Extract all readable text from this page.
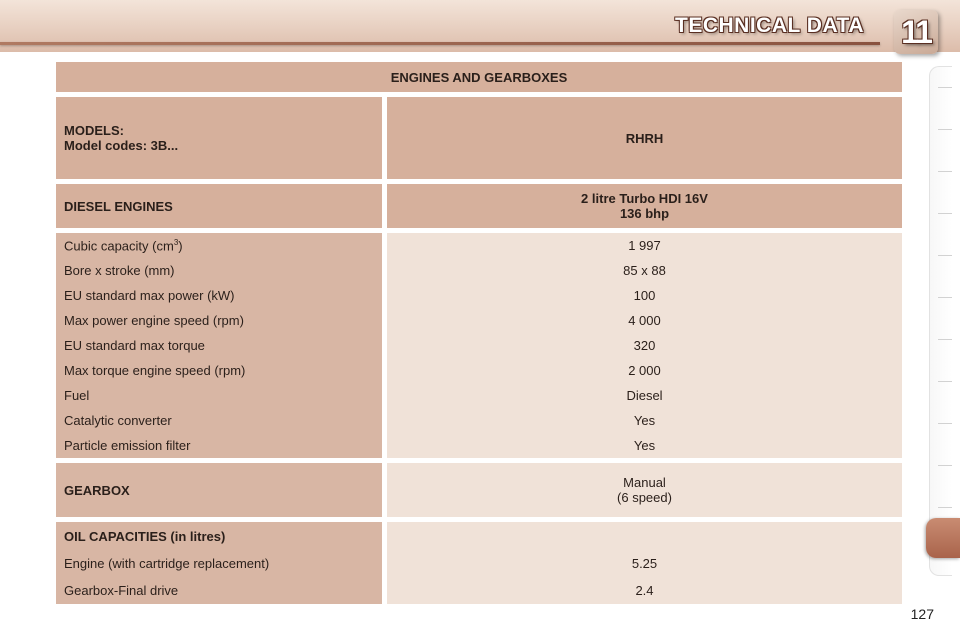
TECHNICAL DATA 11
ENGINES AND GEARBOXES		

MODELS:
Model codes: 3B...		RHRH

DIESEL ENGINES		2 litre Turbo HDI 16V
136 bhp

Cubic capacity $(cm^3)$		1 997
Bore x stroke (mm)		85 x 88
EU standard max power (kW)		100
Max power engine speed (rpm)		4 000
EU standard max torque		320
Max torque engine speed (rpm)		2 000
Fuel		Diesel
Catalytic converter		Yes
Particle emission filter		Yes

GEARBOX		Manual
(6 speed)

OIL CAPACITIES (in litres)		
Engine (with cartridge replacement)		5.25
Gearbox-Final drive		2.4
127
